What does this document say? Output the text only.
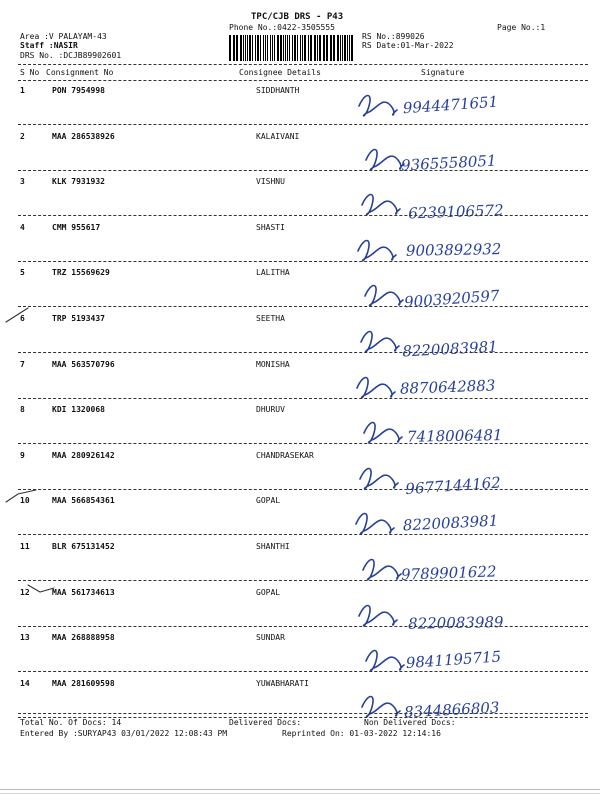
TPC/CJB DRS - P43
Phone No.:0422-3505555	Page No.:1
Area :V PALAYAM-43
Staff :NASIR
DRS No. :DCJB89902601
RS No.:899026
RS Date:01-Mar-2022
S No Consignment No	Consignee Details	Signature
1	PON 7954998	SIDDHANTH
9944471651
2	MAA 286538926	KALAIVANI
9365558051
3	KLK 7931932	VISHNU
6239106572
4	CMM 955617	SHASTI
9003892932
5	TRZ 15569629	LALITHA
9003920597
6	TRP 5193437	SEETHA
8220083981
7	MAA 563570796	MONISHA
8870642883
8	KDI 1320068	DHURUV
7418006481
9	MAA 280926142	CHANDRASEKAR
9677144162
10	MAA 566854361	GOPAL
8220083981
11	BLR 675131452	SHANTHI
9789901622
12	MAA 561734613	GOPAL
8220083989
13	MAA 268888958	SUNDAR
9841195715
14	MAA 281609598	YUWABHARATI
8344866803
Total No. Of Docs: 14	Delivered Docs:	Non Delivered Docs:
Entered By :SURYAP43 03/01/2022 12:08:43 PM	Reprinted On: 01-03-2022 12:14:16
